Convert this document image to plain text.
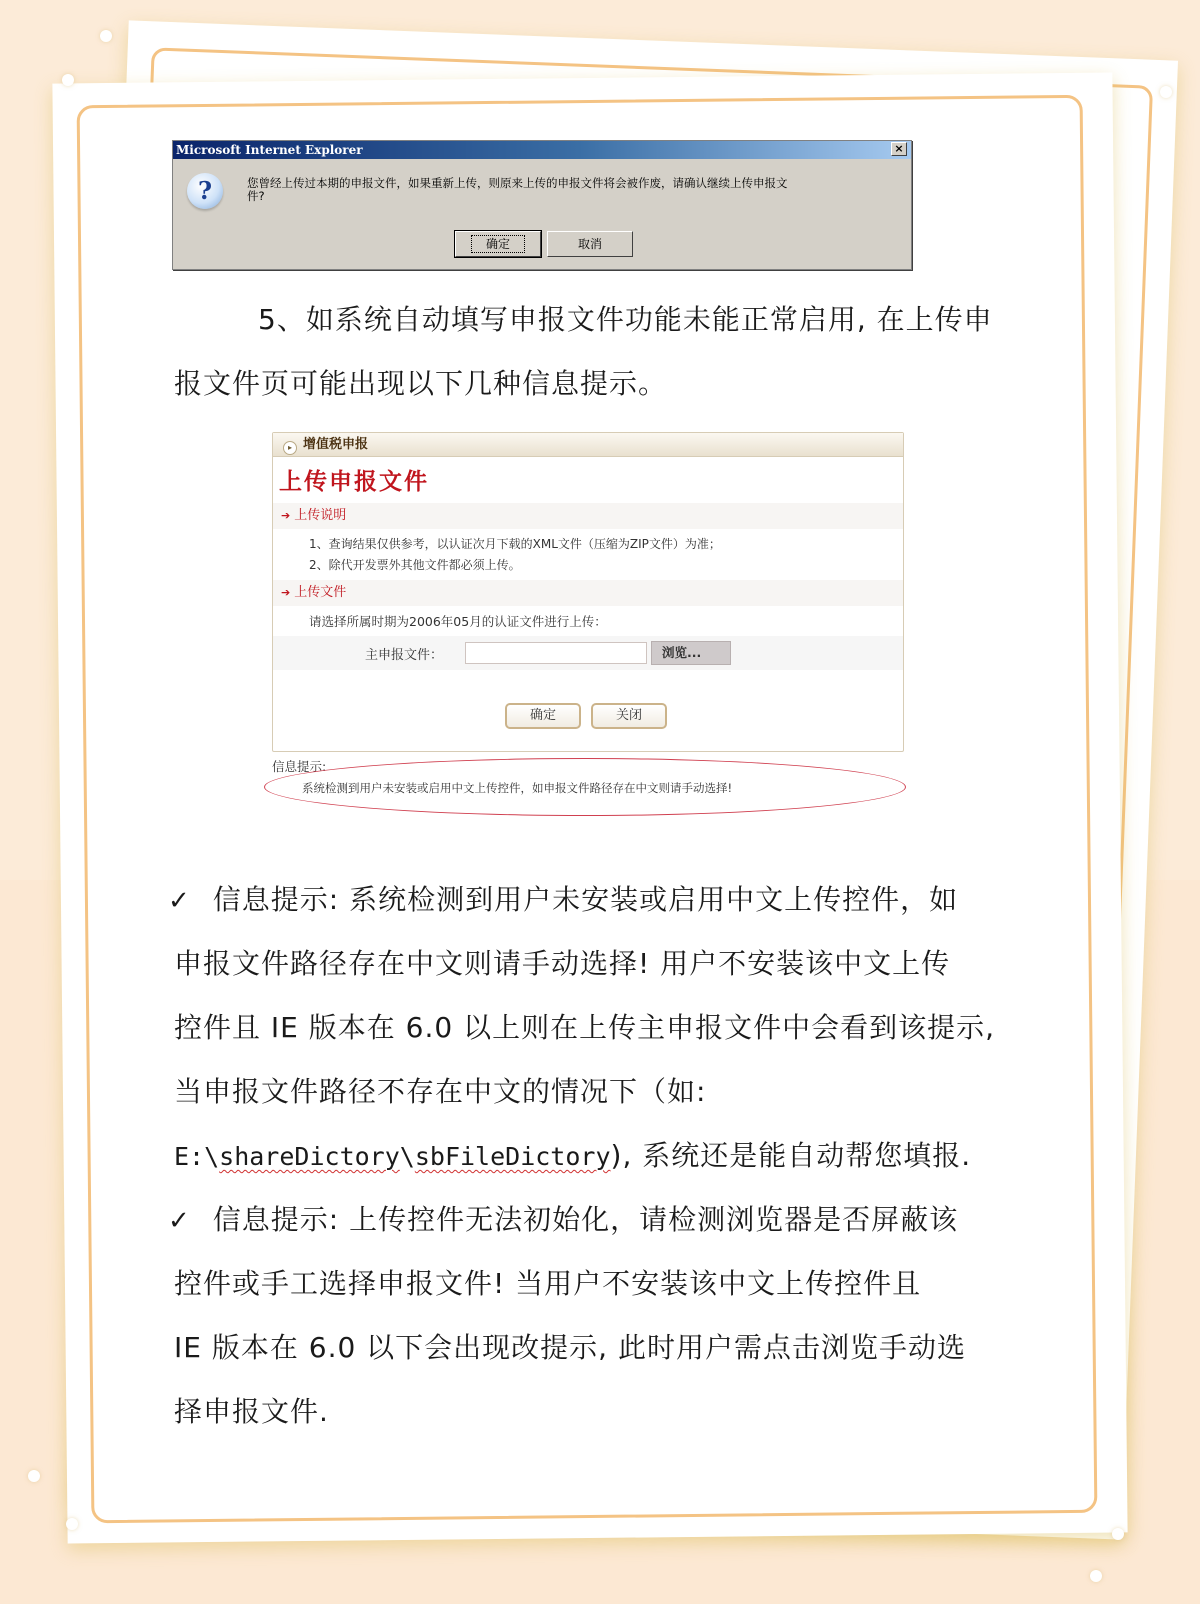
Microsoft Internet Explorer	×
?	您曾经上传过本期的申报文件，如果重新上传，则原来上传的申报文件将会被作废，请确认继续上传申报文
件?
确定	取消
5、如系统自动填写申报文件功能未能正常启用, 在上传申
报文件页可能出现以下几种信息提示。
▸ 增值税申报
上传申报文件
➔ 上传说明
1、查询结果仅供参考，以认证次月下载的XML文件（压缩为ZIP文件）为准；
2、除代开发票外其他文件都必须上传。
➔ 上传文件
请选择所属时期为2006年05月的认证文件进行上传：
主申报文件：	浏览...
确定	关闭
信息提示:
系统检测到用户未安装或启用中文上传控件，如申报文件路径存在中文则请手动选择!
✓ 信息提示: 系统检测到用户未安装或启用中文上传控件，如
申报文件路径存在中文则请手动选择! 用户不安装该中文上传
控件且 IE 版本在 6.0 以上则在上传主申报文件中会看到该提示,
当申报文件路径不存在中文的情况下（如:
E:\shareDictory\sbFileDictory), 系统还是能自动帮您填报.
✓ 信息提示: 上传控件无法初始化，请检测浏览器是否屏蔽该
控件或手工选择申报文件! 当用户不安装该中文上传控件且
IE 版本在 6.0 以下会出现改提示, 此时用户需点击浏览手动选
择申报文件.
